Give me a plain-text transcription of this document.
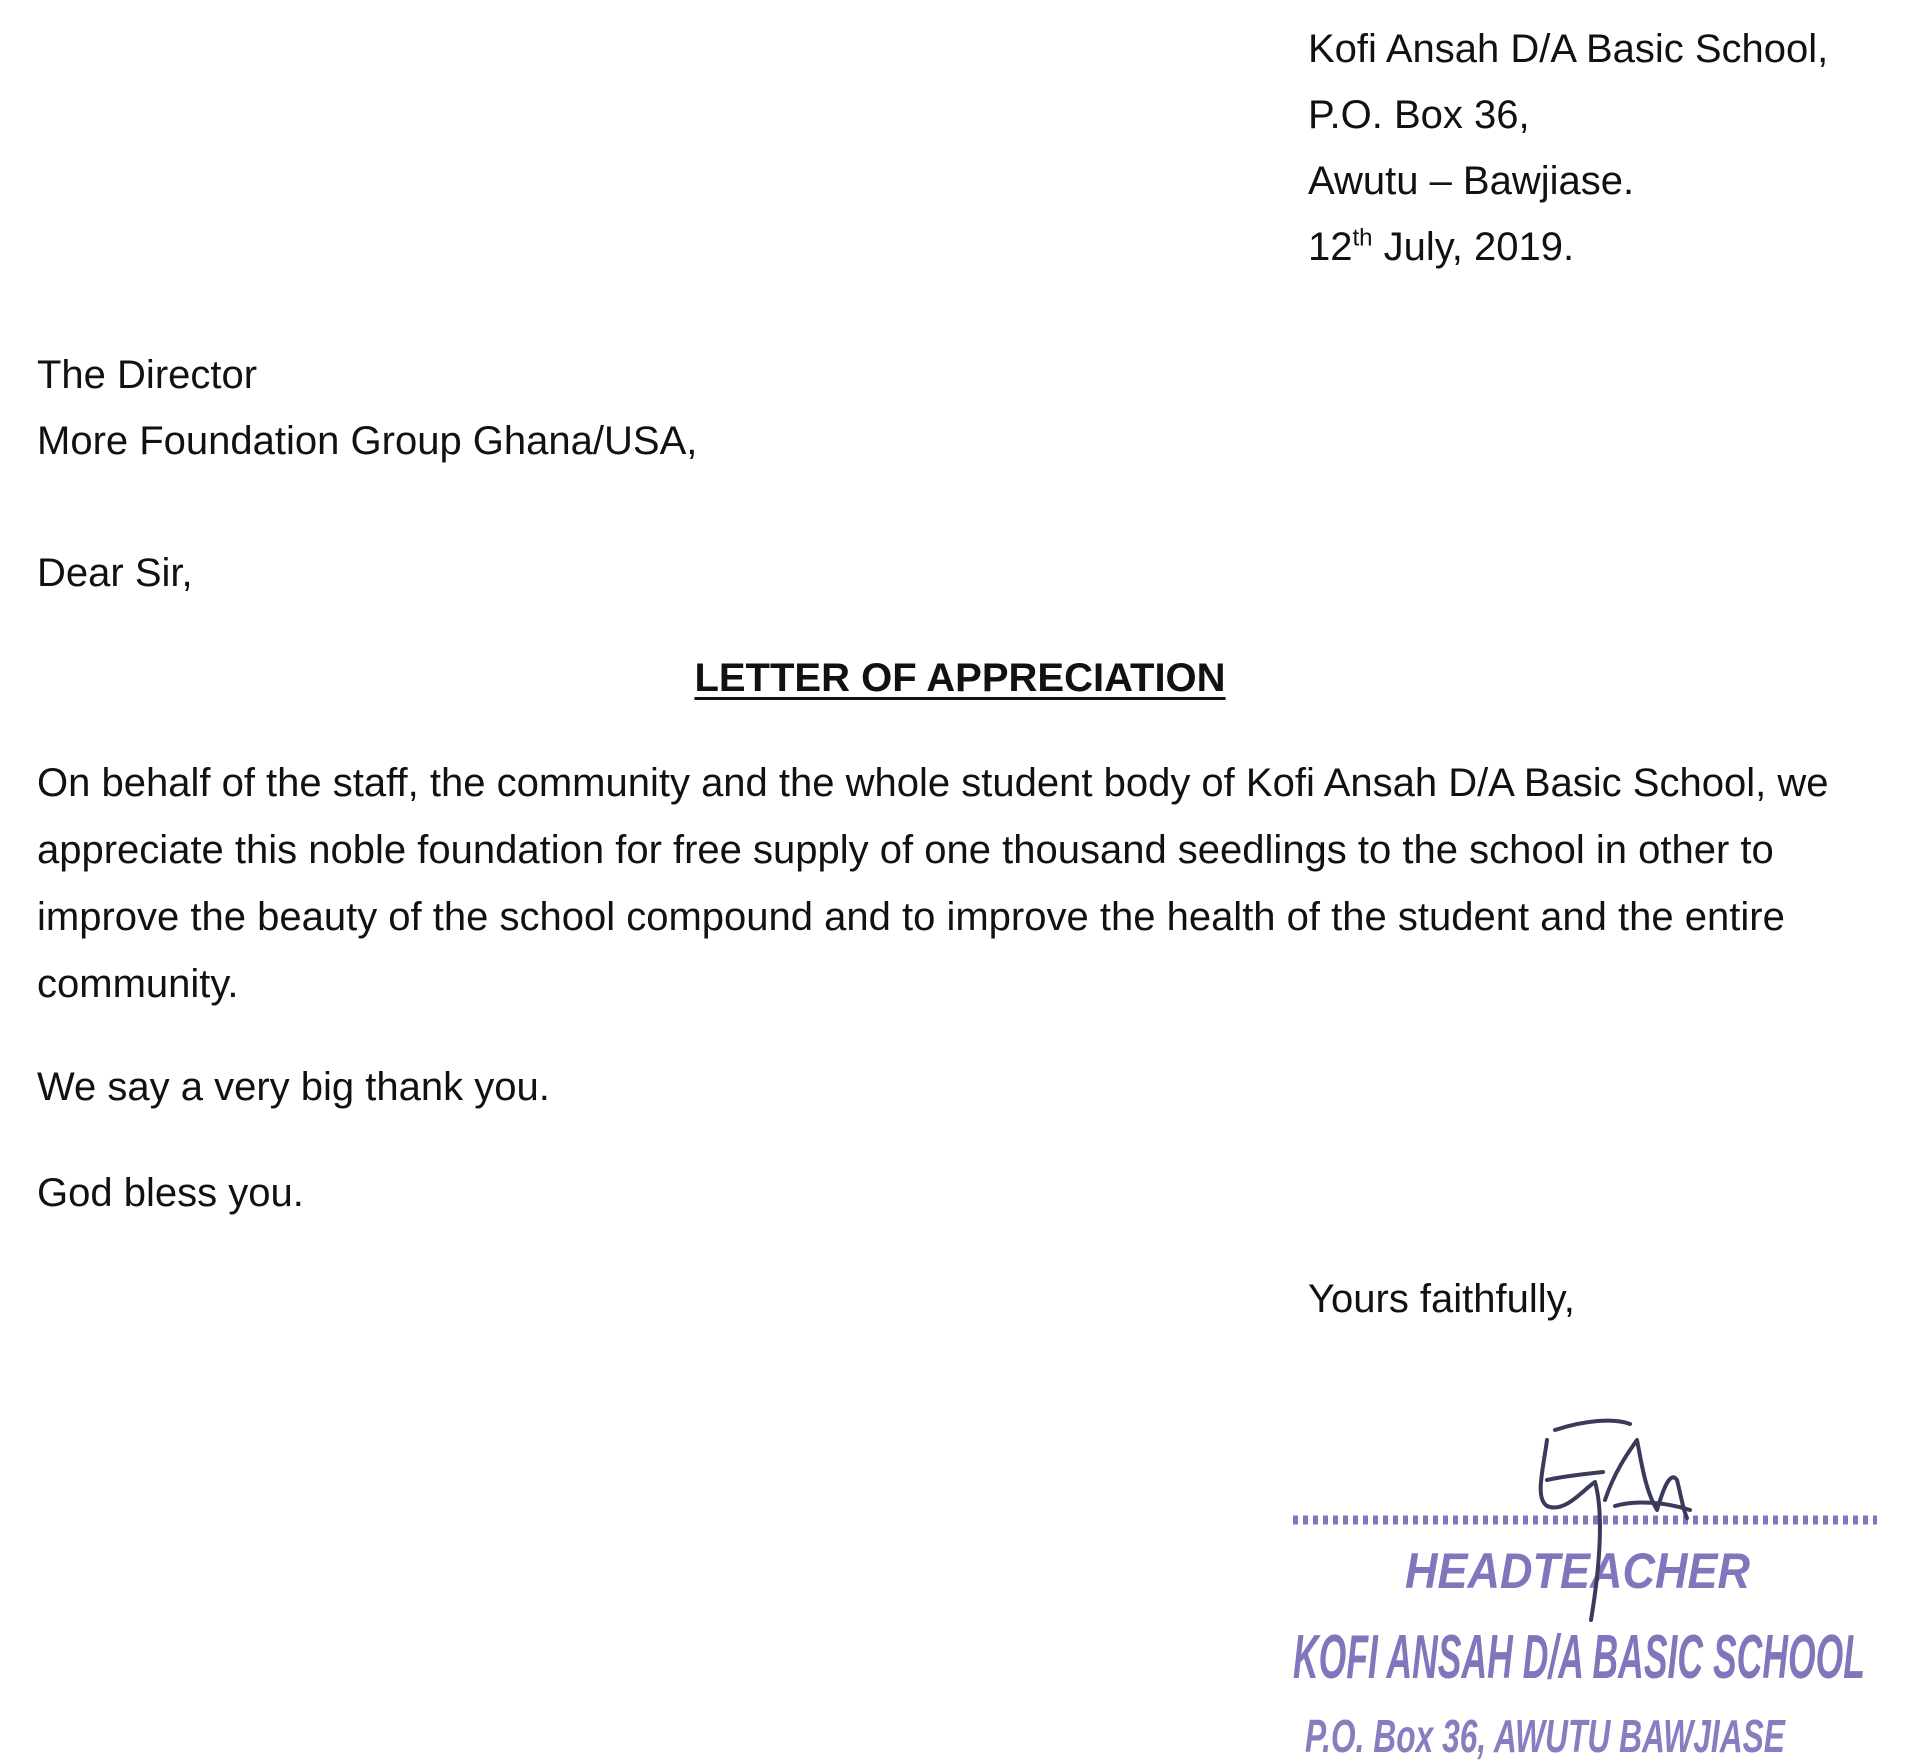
Kofi Ansah D/A Basic School,
P.O. Box 36,
Awutu – Bawjiase.
12th July, 2019.
The Director
More Foundation Group Ghana/USA,
Dear Sir,
LETTER OF APPRECIATION
On behalf of the staff, the community and the whole student body of Kofi Ansah D/A Basic School, we appreciate this noble foundation for free supply of one thousand seedlings to the school in other to improve the beauty of the school compound and to improve the health of the student and the entire community.
We say a very big thank you.
God bless you.
Yours faithfully,
HEADTEACHER
KOFI ANSAH D/A BASIC SCHOOL
P.O. Box 36, AWUTU BAWJIASE
